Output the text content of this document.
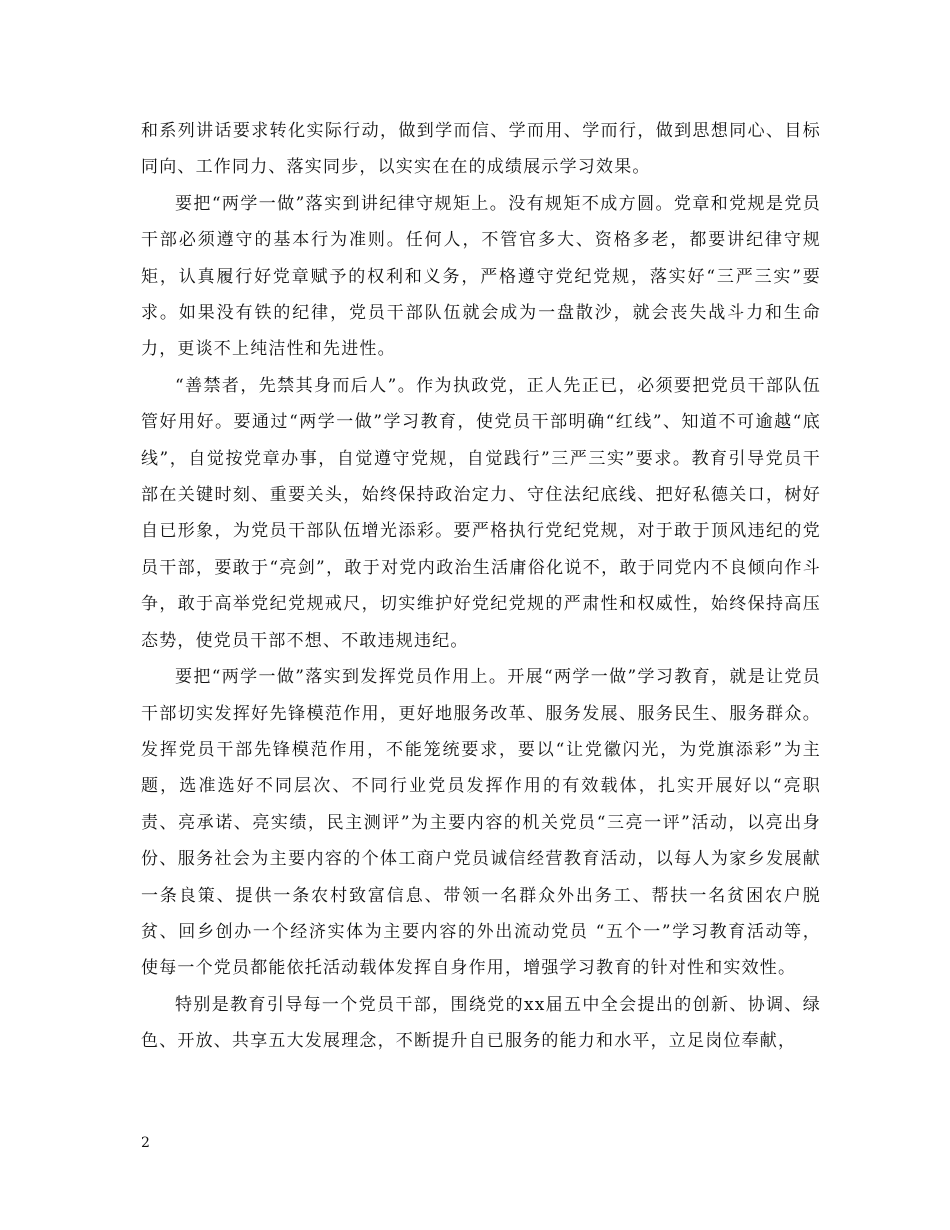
和系列讲话要求转化实际行动，做到学而信、学而用、学而行，做到思想同心、目标同向、工作同力、落实同步，以实实在在的成绩展示学习效果。

要把“两学一做”落实到讲纪律守规矩上。没有规矩不成方圆。党章和党规是党员干部必须遵守的基本行为准则。任何人，不管官多大、资格多老，都要讲纪律守规矩，认真履行好党章赋予的权利和义务，严格遵守党纪党规，落实好“三严三实”要求。如果没有铁的纪律，党员干部队伍就会成为一盘散沙，就会丧失战斗力和生命力，更谈不上纯洁性和先进性。

“善禁者，先禁其身而后人”。作为执政党，正人先正已，必须要把党员干部队伍管好用好。要通过“两学一做”学习教育，使党员干部明确“红线”、知道不可逾越“底线”，自觉按党章办事，自觉遵守党规，自觉践行”三严三实”要求。教育引导党员干部在关键时刻、重要关头，始终保持政治定力、守住法纪底线、把好私德关口，树好自已形象，为党员干部队伍增光添彩。要严格执行党纪党规，对于敢于顶风违纪的党员干部，要敢于“亮剑”，敢于对党内政治生活庸俗化说不，敢于同党内不良倾向作斗争，敢于高举党纪党规戒尺，切实维护好党纪党规的严肃性和权威性，始终保持高压态势，使党员干部不想、不敢违规违纪。

要把“两学一做”落实到发挥党员作用上。开展“两学一做”学习教育，就是让党员干部切实发挥好先锋模范作用，更好地服务改革、服务发展、服务民生、服务群众。发挥党员干部先锋模范作用，不能笼统要求，要以“让党徽闪光，为党旗添彩”为主题，选准选好不同层次、不同行业党员发挥作用的有效载体，扎实开展好以“亮职责、亮承诺、亮实绩，民主测评”为主要内容的机关党员“三亮一评”活动，以亮出身份、服务社会为主要内容的个体工商户党员诚信经营教育活动，以每人为家乡发展献一条良策、提供一条农村致富信息、带领一名群众外出务工、帮扶一名贫困农户脱贫、回乡创办一个经济实体为主要内容的外出流动党员 “五个一”学习教育活动等，使每一个党员都能依托活动载体发挥自身作用，增强学习教育的针对性和实效性。

特别是教育引导每一个党员干部，围绕党的xx届五中全会提出的创新、协调、绿色、开放、共享五大发展理念，不断提升自已服务的能力和水平，立足岗位奉献，

2
